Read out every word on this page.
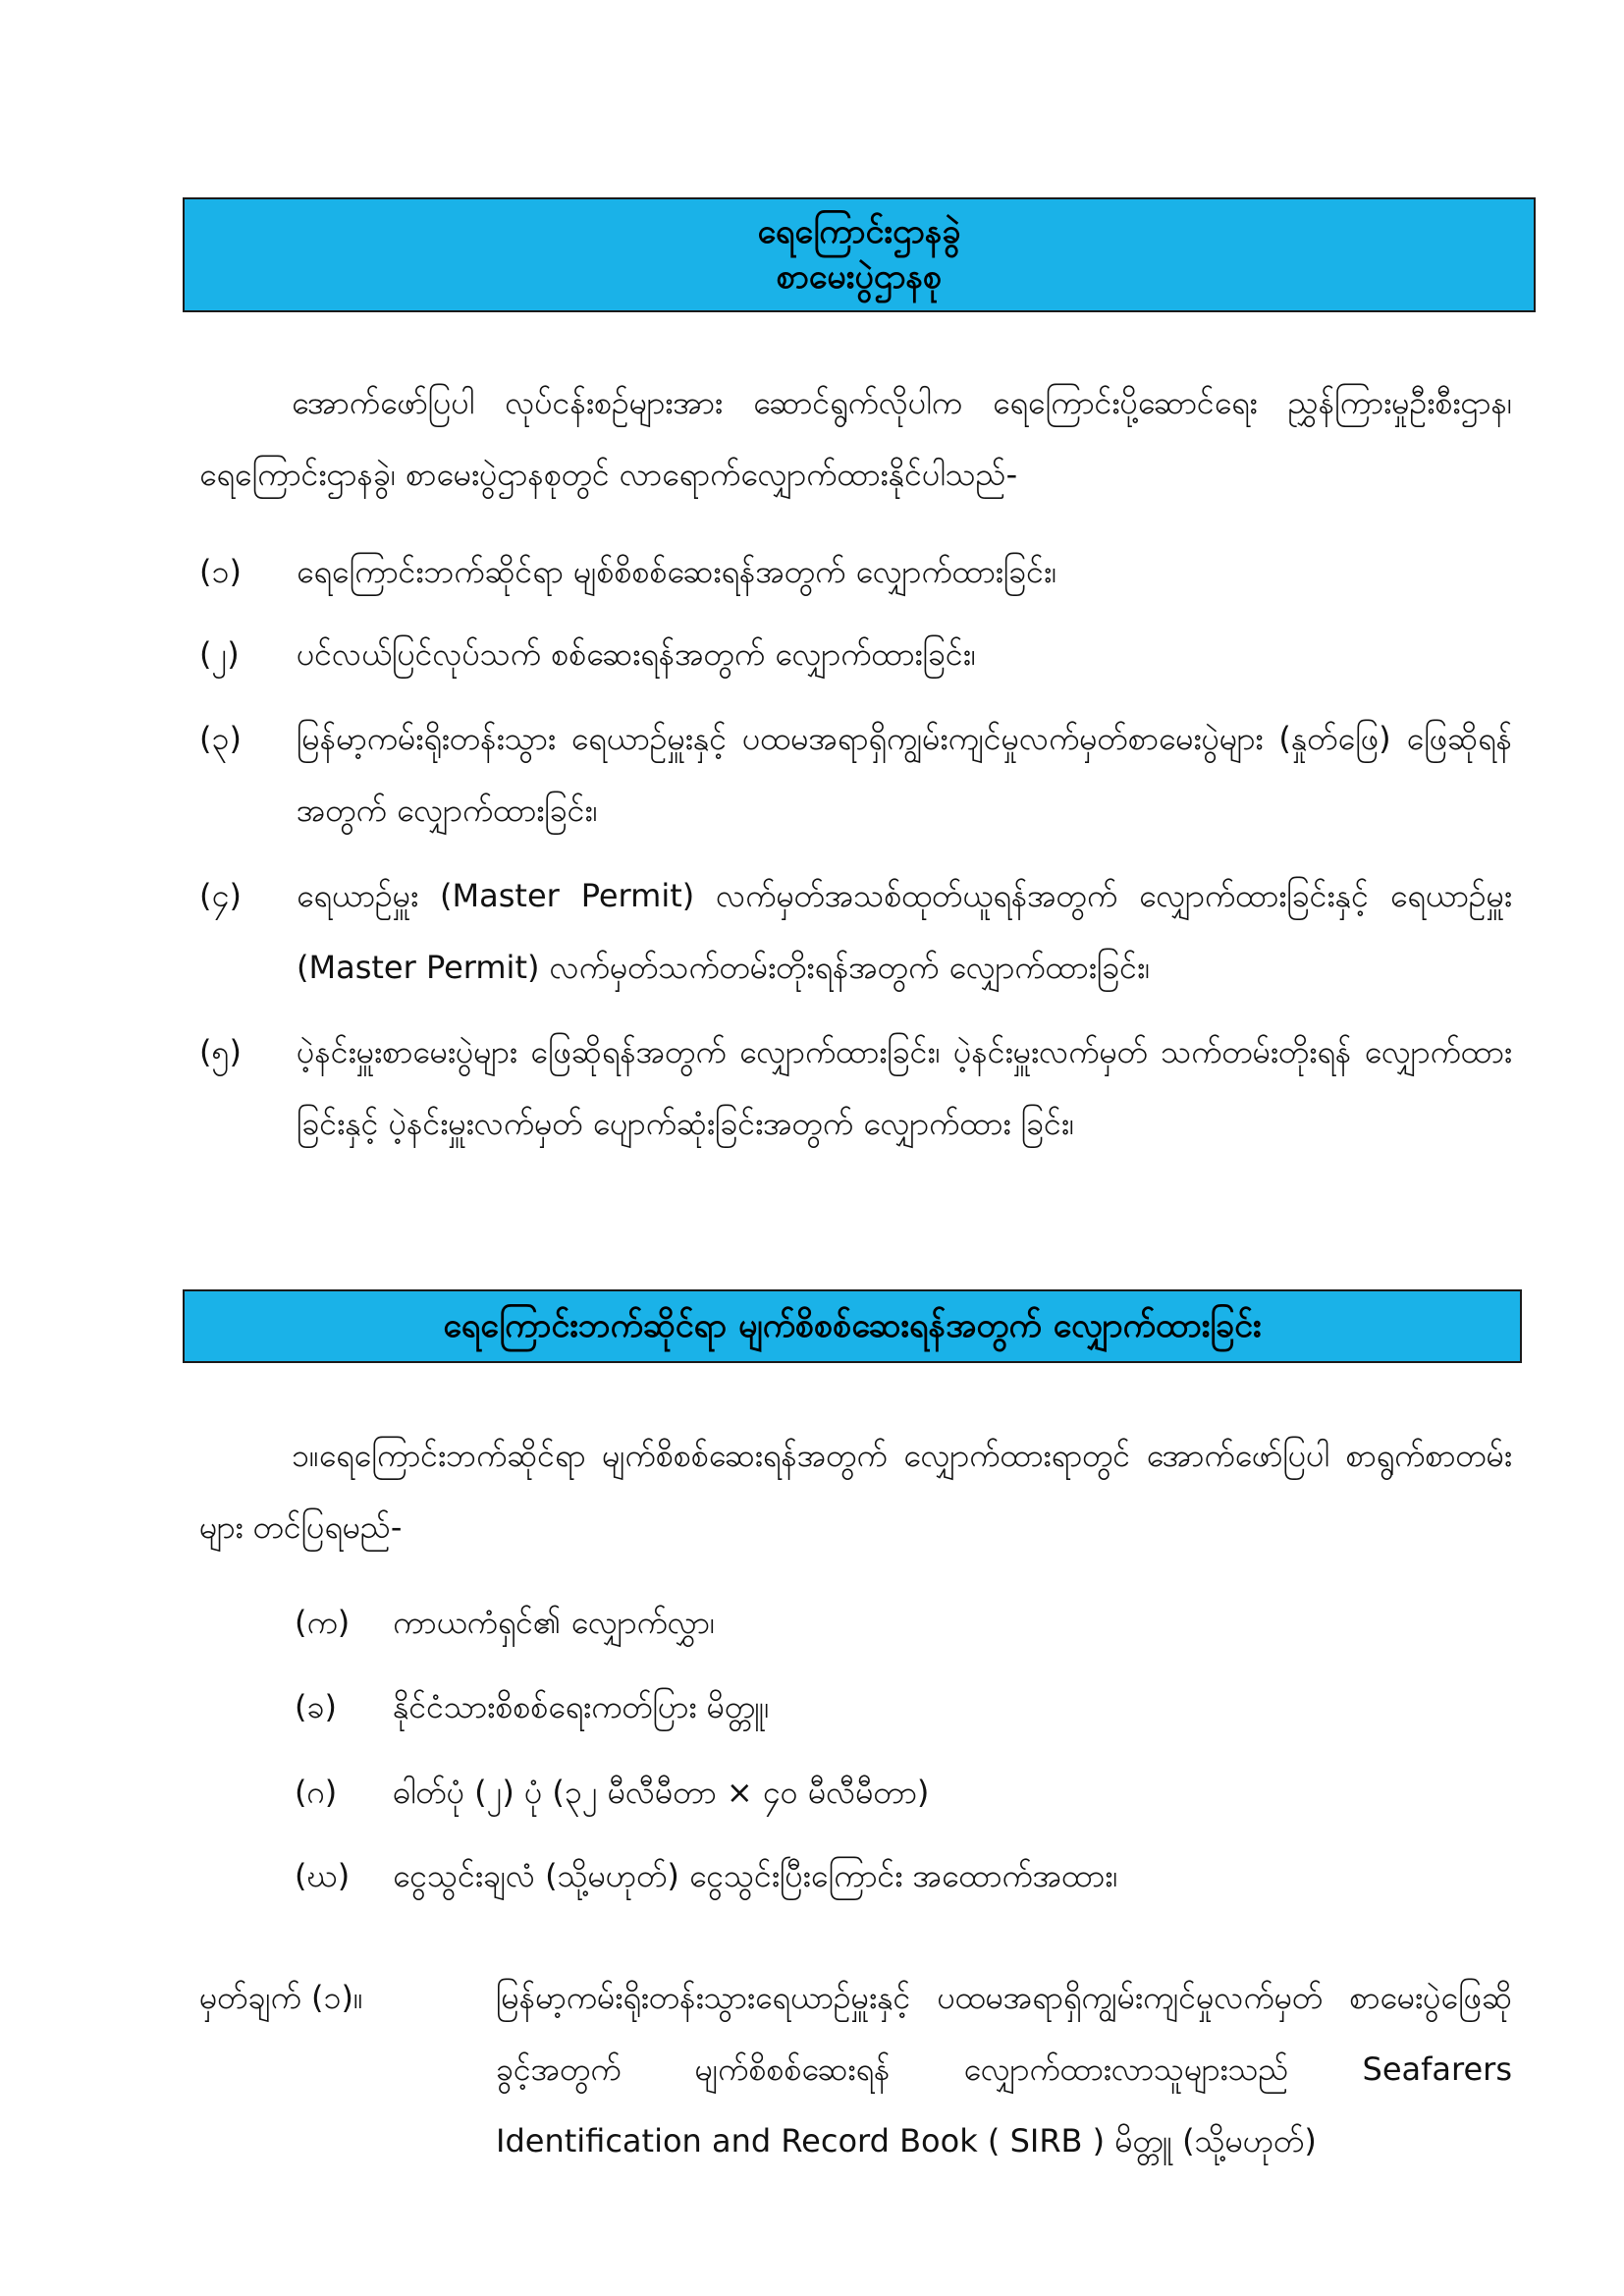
ရေကြောင်းဌာနခွဲ
စာမေးပွဲဌာနစု
အောက်ဖော်ပြပါ လုပ်ငန်းစဉ်များအား ဆောင်ရွက်လိုပါက ရေကြောင်းပို့ဆောင်ရေး ညွှန်ကြားမှုဦးစီးဌာန၊ ရေကြောင်းဌာနခွဲ၊ စာမေးပွဲဌာနစုတွင် လာရောက်လျှောက်ထားနိုင်ပါသည်-
(၁) ရေကြောင်းဘက်ဆိုင်ရာ မျစ်စိစစ်ဆေးရန်အတွက် လျှောက်ထားခြင်း၊
(၂) ပင်လယ်ပြင်လုပ်သက် စစ်ဆေးရန်အတွက် လျှောက်ထားခြင်း၊
(၃) မြန်မာ့ကမ်းရိုးတန်းသွား ရေယာဉ်မှူးနှင့် ပထမအရာရှိကျွမ်းကျင်မှုလက်မှတ်စာမေးပွဲများ (နှုတ်ဖြေ) ဖြေဆိုရန်အတွက် လျှောက်ထားခြင်း၊
(၄) ရေယာဉ်မှူး (Master Permit) လက်မှတ်အသစ်ထုတ်ယူရန်အတွက် လျှောက်ထားခြင်းနှင့် ရေယာဉ်မှူး (Master Permit) လက်မှတ်သက်တမ်းတိုးရန်အတွက် လျှောက်ထားခြင်း၊
(၅) ပဲ့နင်းမှူးစာမေးပွဲများ ဖြေဆိုရန်အတွက် လျှောက်ထားခြင်း၊ ပဲ့နင်းမှူးလက်မှတ် သက်တမ်းတိုးရန် လျှောက်ထားခြင်းနှင့် ပဲ့နင်းမှူးလက်မှတ် ပျောက်ဆုံးခြင်းအတွက် လျှောက်ထား ခြင်း၊
ရေကြောင်းဘက်ဆိုင်ရာ မျက်စိစစ်ဆေးရန်အတွက် လျှောက်ထားခြင်း
၁။ရေကြောင်းဘက်ဆိုင်ရာ မျက်စိစစ်ဆေးရန်အတွက် လျှောက်ထားရာတွင် အောက်ဖော်ပြပါ စာရွက်စာတမ်းများ တင်ပြရမည်-
(က) ကာယကံရှင်၏ လျှောက်လွှာ၊
(ခ) နိုင်ငံသားစိစစ်ရေးကတ်ပြား မိတ္တူ၊
(ဂ) ဓါတ်ပုံ (၂) ပုံ (၃၂ မီလီမီတာ × ၄၀ မီလီမီတာ)
(ဃ) ငွေသွင်းချလံ (သို့မဟုတ်) ငွေသွင်းပြီးကြောင်း အထောက်အထား၊
မှတ်ချက် (၁)။	မြန်မာ့ကမ်းရိုးတန်းသွားရေယာဉ်မှူးနှင့် ပထမအရာရှိကျွမ်းကျင်မှုလက်မှတ် စာမေးပွဲဖြေဆိုခွင့်အတွက် မျက်စိစစ်ဆေးရန် လျှောက်ထားလာသူများသည် Seafarers Identification and Record Book ( SIRB ) မိတ္တူ (သို့မဟုတ်)
